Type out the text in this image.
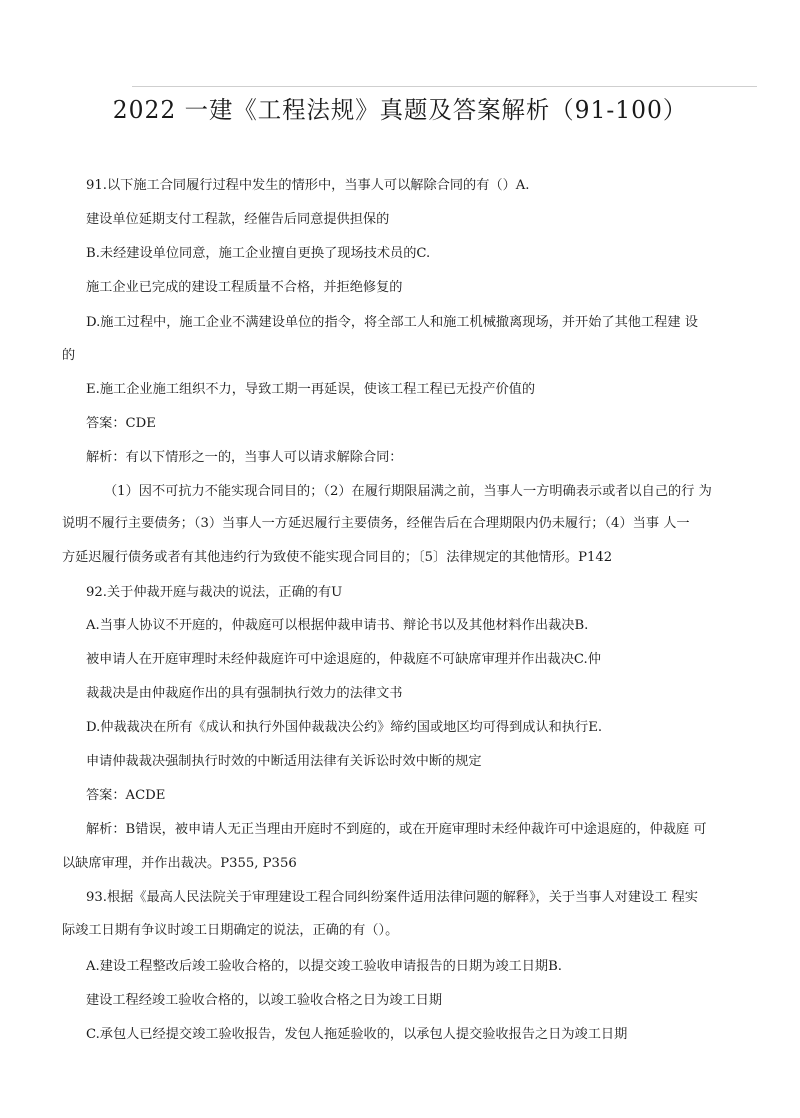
2022 一建《工程法规》真题及答案解析（91-100）
91.以下施工合同履行过程中发生的情形中，当事人可以解除合同的有（）A.
建设单位延期支付工程款，经催告后同意提供担保的
B.未经建设单位同意，施工企业擅自更换了现场技术员的C.
施工企业已完成的建设工程质量不合格，并拒绝修复的
D.施工过程中，施工企业不满建设单位的指令，将全部工人和施工机械撤离现场，并开始了其他工程建 设
的
E.施工企业施工组织不力，导致工期一再延误，使该工程工程已无投产价值的
答案：CDE
解析：有以下情形之一的，当事人可以请求解除合同：
（1）因不可抗力不能实现合同目的；（2）在履行期限届满之前，当事人一方明确表示或者以自己的行 为
说明不履行主要债务；（3）当事人一方延迟履行主要债务，经催告后在合理期限内仍未履行；（4）当事 人一
方延迟履行债务或者有其他违约行为致使不能实现合同目的；〔5〕法律规定的其他情形。P142
92.关于仲裁开庭与裁决的说法，正确的有U
A.当事人协议不开庭的，仲裁庭可以根据仲裁申请书、辩论书以及其他材料作出裁决B.
被申请人在开庭审理时未经仲裁庭许可中途退庭的，仲裁庭不可缺席审理并作出裁决C.仲
裁裁决是由仲裁庭作出的具有强制执行效力的法律文书
D.仲裁裁决在所有《成认和执行外国仲裁裁决公约》缔约国或地区均可得到成认和执行E.
申请仲裁裁决强制执行时效的中断适用法律有关诉讼时效中断的规定
答案：ACDE
解析：B错误，被申请人无正当理由开庭时不到庭的，或在开庭审理时未经仲裁许可中途退庭的，仲裁庭 可
以缺席审理，并作出裁决。P355, P356
93.根据《最高人民法院关于审理建设工程合同纠纷案件适用法律问题的解释》，关于当事人对建设工 程实
际竣工日期有争议时竣工日期确定的说法，正确的有（）。
A.建设工程整改后竣工验收合格的，以提交竣工验收申请报告的日期为竣工日期B.
建设工程经竣工验收合格的，以竣工验收合格之日为竣工日期
C.承包人已经提交竣工验收报告，发包人拖延验收的，以承包人提交验收报告之日为竣工日期
